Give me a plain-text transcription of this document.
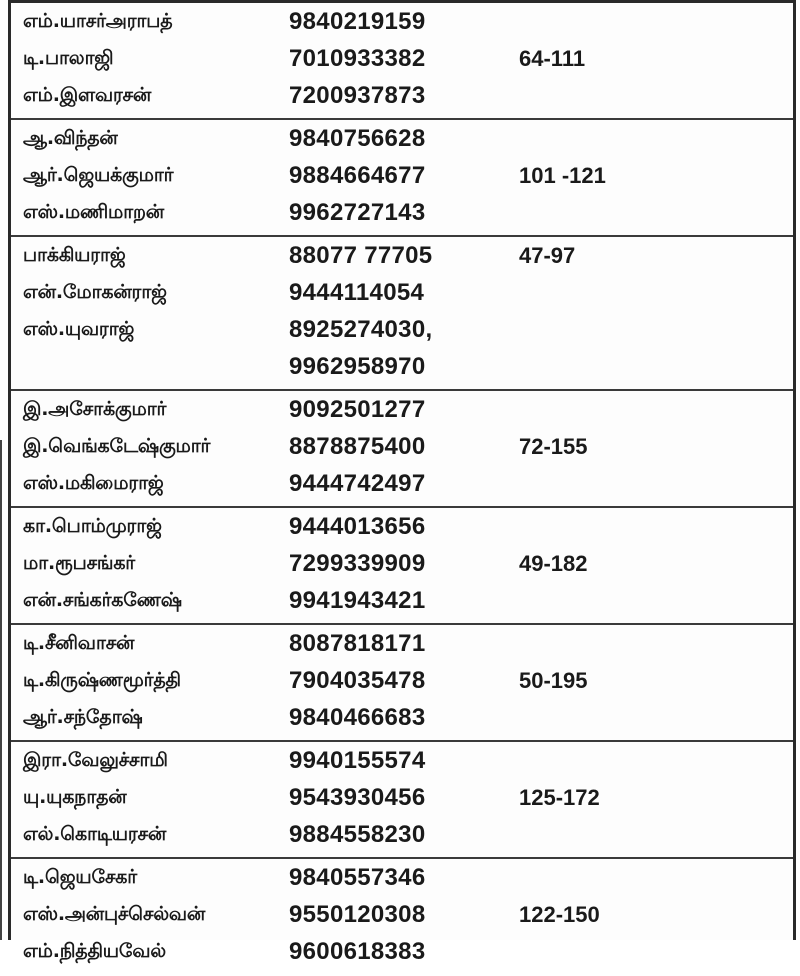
எம்.யாசர்அராபத்	9840219159
டி.பாலாஜி	7010933382
எம்.இளவரசன்	7200937873
64-111
ஆ.விந்தன்	9840756628
ஆர்.ஜெயக்குமார்	9884664677
எஸ்.மணிமாறன்	9962727143
101 -121
பாக்கியராஜ்	88077 77705
என்.மோகன்ராஜ்	9444114054
எஸ்.யுவராஜ்	8925274030,
9962958970
47-97
இ.அசோக்குமார்	9092501277
இ.வெங்கடேஷ்குமார்	8878875400
எஸ்.மகிமைராஜ்	9444742497
72-155
கா.பொம்முராஜ்	9444013656
மா.ரூபசங்கர்	7299339909
என்.சங்கர்கணேஷ்	9941943421
49-182
டி.சீனிவாசன்	8087818171
டி.கிருஷ்ணமூர்த்தி	7904035478
ஆர்.சந்தோஷ்	9840466683
50-195
இரா.வேலுச்சாமி	9940155574
யு.யுகநாதன்	9543930456
எல்.கொடியரசன்	9884558230
125-172
டி.ஜெயசேகர்	9840557346
எஸ்.அன்புச்செல்வன்	9550120308
எம்.நித்தியவேல்	9600618383
122-150
